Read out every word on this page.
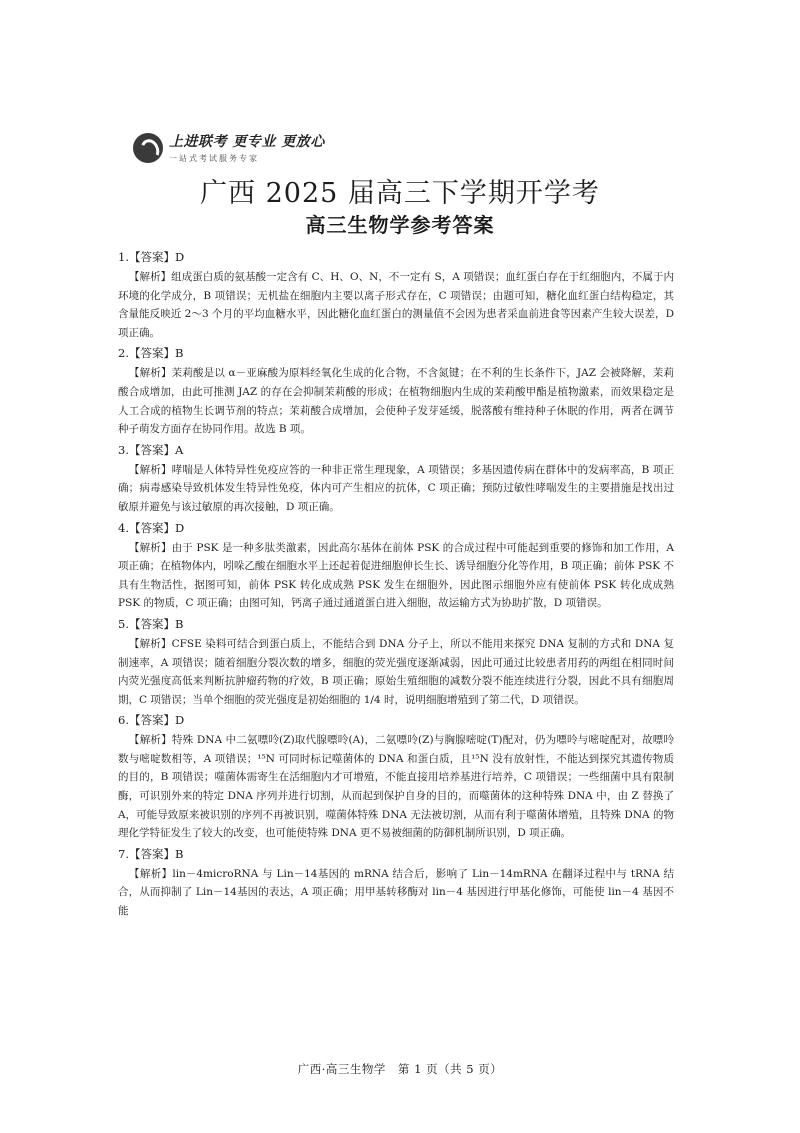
上进联考 更专业 更放心
一站式考试服务专家
广西 2025 届高三下学期开学考
高三生物学参考答案

1.【答案】D

【解析】组成蛋白质的氨基酸一定含有 C、H、O、N，不一定有 S，A 项错误；血红蛋白存在于红细胞内，不属于内环境的化学成分，B 项错误；无机盐在细胞内主要以离子形式存在，C 项错误；由题可知，糖化血红蛋白结构稳定，其含量能反映近 2～3 个月的平均血糖水平，因此糖化血红蛋白的测量值不会因为患者采血前进食等因素产生较大误差，D 项正确。

2.【答案】B

【解析】茉莉酸是以 α－亚麻酸为原料经氧化生成的化合物，不含氮键；在不利的生长条件下，JAZ 会被降解，茉莉酸合成增加，由此可推测 JAZ 的存在会抑制茉莉酸的形成；在植物细胞内生成的茉莉酸甲酯是植物激素，而效果稳定是人工合成的植物生长调节剂的特点；茉莉酸合成增加，会使种子发芽延缓，脱落酸有维持种子休眠的作用，两者在调节种子萌发方面存在协同作用。故选 B 项。

3.【答案】A

【解析】哮喘是人体特异性免疫应答的一种非正常生理现象，A 项错误；多基因遗传病在群体中的发病率高，B 项正确；病毒感染导致机体发生特异性免疫，体内可产生相应的抗体，C 项正确；预防过敏性哮喘发生的主要措施是找出过敏原并避免与该过敏原的再次接触，D 项正确。

4.【答案】D

【解析】由于 PSK 是一种多肽类激素，因此高尔基体在前体 PSK 的合成过程中可能起到重要的修饰和加工作用，A 项正确；在植物体内，吲哚乙酸在细胞水平上还起着促进细胞伸长生长、诱导细胞分化等作用，B 项正确；前体 PSK 不具有生物活性，据图可知，前体 PSK 转化成成熟 PSK 发生在细胞外，因此图示细胞外应有使前体 PSK 转化成成熟 PSK 的物质，C 项正确；由图可知，钙离子通过通道蛋白进入细胞，故运输方式为协助扩散，D 项错误。

5.【答案】B

【解析】CFSE 染料可结合到蛋白质上，不能结合到 DNA 分子上，所以不能用来探究 DNA 复制的方式和 DNA 复制速率，A 项错误；随着细胞分裂次数的增多，细胞的荧光强度逐渐减弱，因此可通过比较患者用药的两组在相同时间内荧光强度高低来判断抗肿瘤药物的疗效，B 项正确；原始生殖细胞的减数分裂不能连续进行分裂，因此不具有细胞周期，C 项错误；当单个细胞的荧光强度是初始细胞的 1/4 时，说明细胞增殖到了第二代，D 项错误。

6.【答案】D

【解析】特殊 DNA 中二氨嘌呤(Z)取代腺嘌呤(A)，二氨嘌呤(Z)与胸腺嘧啶(T)配对，仍为嘌呤与嘧啶配对，故嘌呤数与嘧啶数相等，A 项错误；¹⁵N 可同时标记噬菌体的 DNA 和蛋白质，且¹⁵N 没有放射性，不能达到探究其遗传物质的目的，B 项错误；噬菌体需寄生在活细胞内才可增殖，不能直接用培养基进行培养，C 项错误；一些细菌中具有限制酶，可识别外来的特定 DNA 序列并进行切割，从而起到保护自身的目的，而噬菌体的这种特殊 DNA 中，由 Z 替换了 A，可能导致原来被识别的序列不再被识别，噬菌体特殊 DNA 无法被切割，从而有利于噬菌体增殖，且特殊 DNA 的物理化学特征发生了较大的改变，也可能使特殊 DNA 更不易被细菌的防御机制所识别，D 项正确。

7.【答案】B

【解析】lin－4microRNA 与 Lin－14基因的 mRNA 结合后，影响了 Lin－14mRNA 在翻译过程中与 tRNA 结合，从而抑制了 Lin－14基因的表达，A 项正确；用甲基转移酶对 lin－4 基因进行甲基化修饰，可能使 lin－4 基因不能

广西·高三生物学　第 1 页（共 5 页）
